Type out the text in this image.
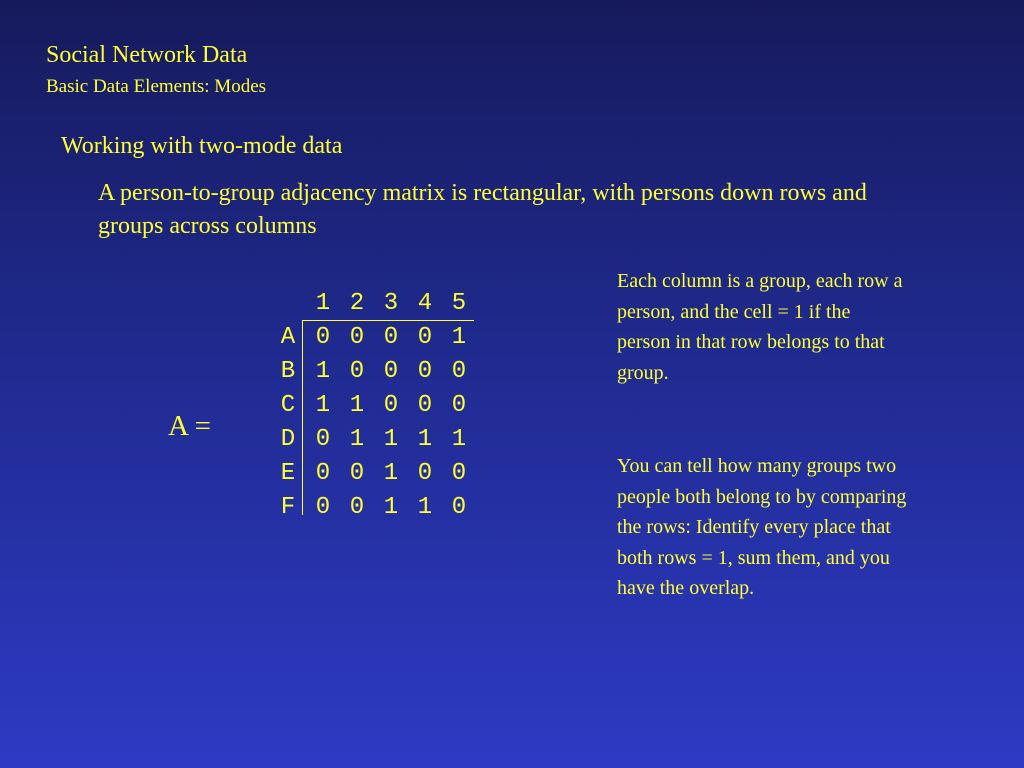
Social Network Data
Basic Data Elements: Modes
Working with two-mode data
A person-to-group adjacency matrix is rectangular, with persons down rows and groups across columns
A =
1 2 3 4 5
A 0 0 0 0 1
B 1 0 0 0 0
C 1 1 0 0 0
D 0 1 1 1 1
E 0 0 1 0 0
F 0 0 1 1 0
Each column is a group, each row a person, and the cell = 1 if the person in that row belongs to that group.
You can tell how many groups two people both belong to by comparing the rows: Identify every place that both rows = 1, sum them, and you have the overlap.
